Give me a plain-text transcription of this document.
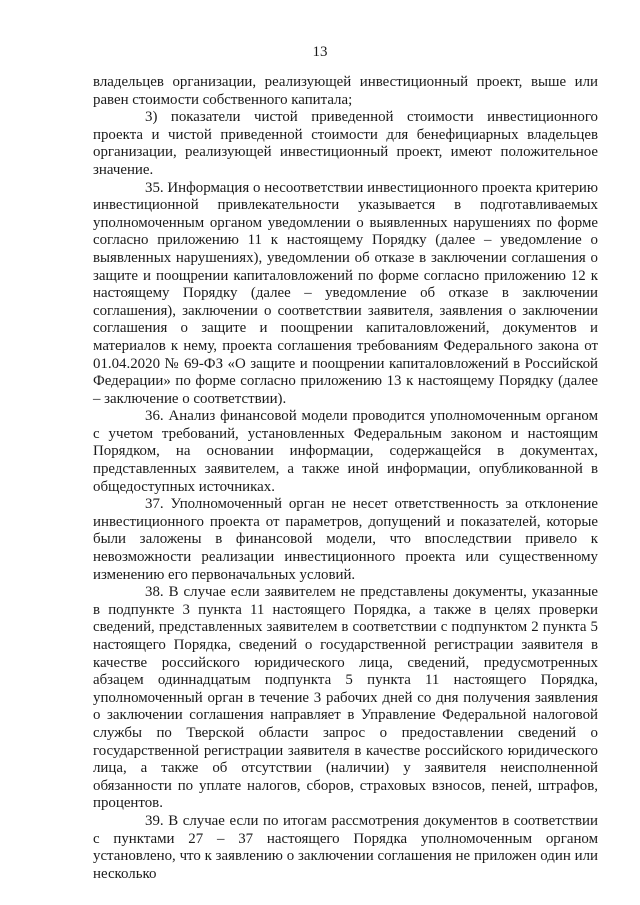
13

владельцев организации, реализующей инвестиционный проект, выше или равен стоимости собственного капитала;

3) показатели чистой приведенной стоимости инвестиционного проекта и чистой приведенной стоимости для бенефициарных владельцев организации, реализующей инвестиционный проект, имеют положительное значение.

35. Информация о несоответствии инвестиционного проекта критерию инвестиционной привлекательности указывается в подготавливаемых уполномоченным органом уведомлении о выявленных нарушениях по форме согласно приложению 11 к настоящему Порядку (далее – уведомление о выявленных нарушениях), уведомлении об отказе в заключении соглашения о защите и поощрении капиталовложений по форме согласно приложению 12 к настоящему Порядку (далее – уведомление об отказе в заключении соглашения), заключении о соответствии заявителя, заявления о заключении соглашения о защите и поощрении капиталовложений, документов и материалов к нему, проекта соглашения требованиям Федерального закона от 01.04.2020 № 69-ФЗ «О защите и поощрении капиталовложений в Российской Федерации» по форме согласно приложению 13 к настоящему Порядку (далее – заключение о соответствии).

36. Анализ финансовой модели проводится уполномоченным органом с учетом требований, установленных Федеральным законом и настоящим Порядком, на основании информации, содержащейся в документах, представленных заявителем, а также иной информации, опубликованной в общедоступных источниках.

37. Уполномоченный орган не несет ответственность за отклонение инвестиционного проекта от параметров, допущений и показателей, которые были заложены в финансовой модели, что впоследствии привело к невозможности реализации инвестиционного проекта или существенному изменению его первоначальных условий.

38. В случае если заявителем не представлены документы, указанные в подпункте 3 пункта 11 настоящего Порядка, а также в целях проверки сведений, представленных заявителем в соответствии с подпунктом 2 пункта 5 настоящего Порядка, сведений о государственной регистрации заявителя в качестве российского юридического лица, сведений, предусмотренных абзацем одиннадцатым подпункта 5 пункта 11 настоящего Порядка, уполномоченный орган в течение 3 рабочих дней со дня получения заявления о заключении соглашения направляет в Управление Федеральной налоговой службы по Тверской области запрос о предоставлении сведений о государственной регистрации заявителя в качестве российского юридического лица, а также об отсутствии (наличии) у заявителя неисполненной обязанности по уплате налогов, сборов, страховых взносов, пеней, штрафов, процентов.

39. В случае если по итогам рассмотрения документов в соответствии с пунктами 27 – 37 настоящего Порядка уполномоченным органом установлено, что к заявлению о заключении соглашения не приложен один или несколько
